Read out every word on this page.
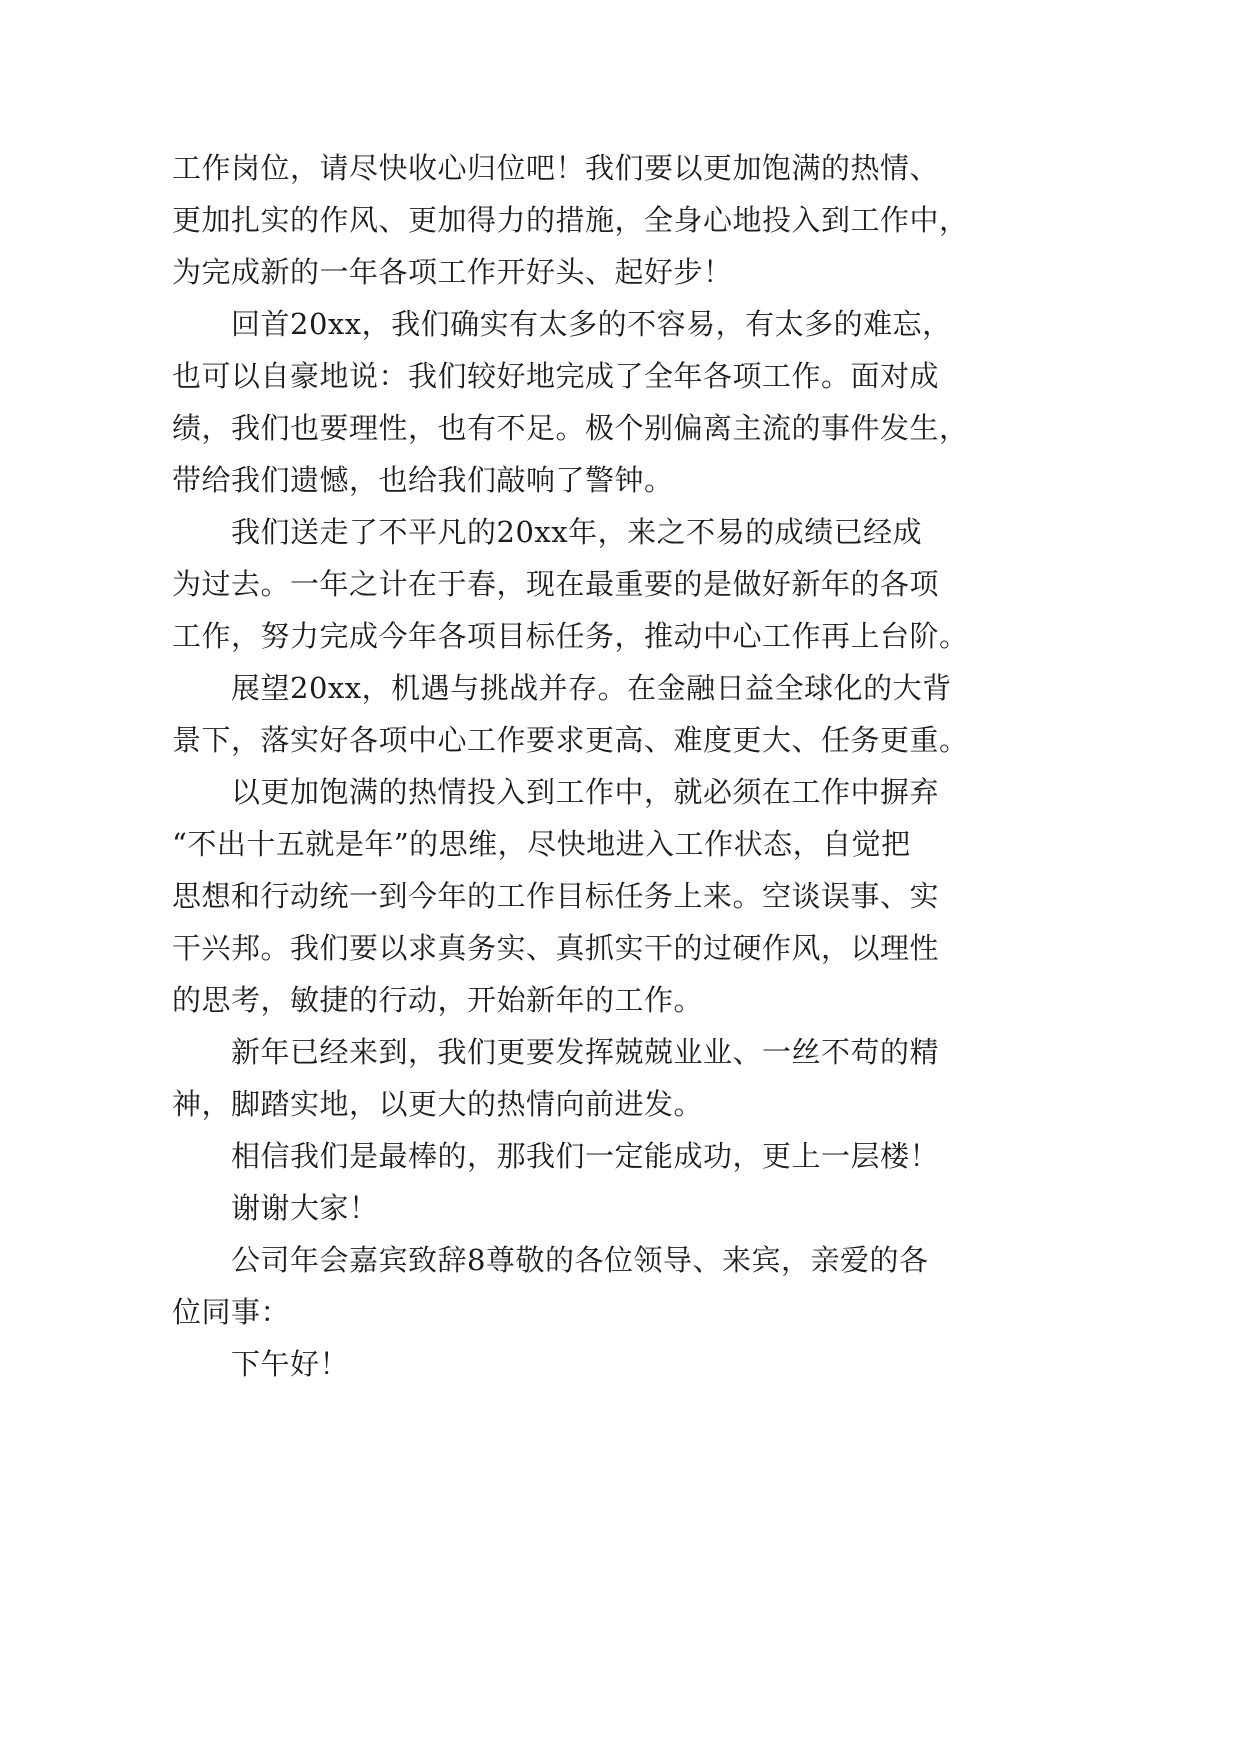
工作岗位，请尽快收心归位吧！我们要以更加饱满的热情、
更加扎实的作风、更加得力的措施，全身心地投入到工作中，
为完成新的一年各项工作开好头、起好步！
回首20xx，我们确实有太多的不容易，有太多的难忘，
也可以自豪地说：我们较好地完成了全年各项工作。面对成
绩，我们也要理性，也有不足。极个别偏离主流的事件发生，
带给我们遗憾，也给我们敲响了警钟。
我们送走了不平凡的20xx年，来之不易的成绩已经成
为过去。一年之计在于春，现在最重要的是做好新年的各项
工作，努力完成今年各项目标任务，推动中心工作再上台阶。
展望20xx，机遇与挑战并存。在金融日益全球化的大背
景下，落实好各项中心工作要求更高、难度更大、任务更重。
以更加饱满的热情投入到工作中，就必须在工作中摒弃
“不出十五就是年”的思维，尽快地进入工作状态，自觉把
思想和行动统一到今年的工作目标任务上来。空谈误事、实
干兴邦。我们要以求真务实、真抓实干的过硬作风，以理性
的思考，敏捷的行动，开始新年的工作。
新年已经来到，我们更要发挥兢兢业业、一丝不苟的精
神，脚踏实地，以更大的热情向前进发。
相信我们是最棒的，那我们一定能成功，更上一层楼！
谢谢大家！
公司年会嘉宾致辞8尊敬的各位领导、来宾，亲爱的各
位同事：
下午好！
